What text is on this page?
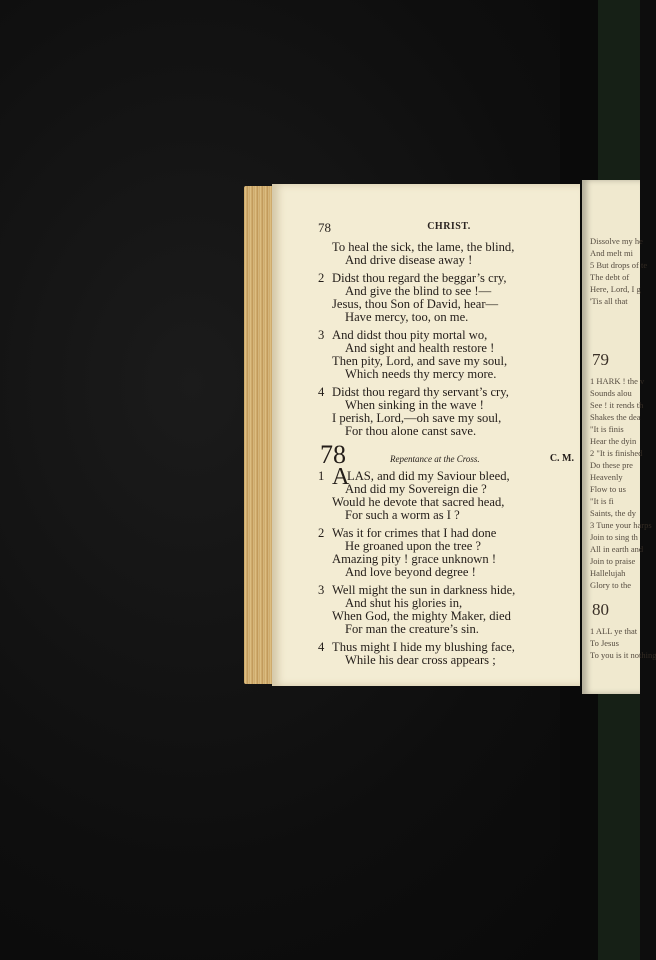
78	CHRIST.
To heal the sick, the lame, the blind,
And drive disease away !
2 Didst thou regard the beggar’s cry,
And give the blind to see !—
Jesus, thou Son of David, hear—
Have mercy, too, on me.
3 And didst thou pity mortal wo,
And sight and health restore !
Then pity, Lord, and save my soul,
Which needs thy mercy more.
4 Didst thou regard thy servant’s cry,
When sinking in the wave !
I perish, Lord,—oh save my soul,
For thou alone canst save.
78	Repentance at the Cross.	C. M.
1 ALAS, and did my Saviour bleed,
And did my Sovereign die ?
Would he devote that sacred head,
For such a worm as I ?
2 Was it for crimes that I had done
He groaned upon the tree ?
Amazing pity ! grace unknown !
And love beyond degree !
3 Well might the sun in darkness hide,
And shut his glories in,
When God, the mighty Maker, died
For man the creature’s sin.
4 Thus might I hide my blushing face,
While his dear cross appears ;
79
80
Dissolve my he
And melt mi
5 But drops of te
The debt of
Here, Lord, I g
'Tis all that
1 HARK ! the v
Sounds alou
See ! it rends th
Shakes the dea
"It is finis
Hear the dyin
2 "It is finished
Do these pre
Heavenly
Flow to us
"It is fi
Saints, the dy
3 Tune your harps
Join to sing th
All in earth and
Join to praise
Hallelujah
Glory to the
1 ALL ye that
To Jesus
To you is it nothing
